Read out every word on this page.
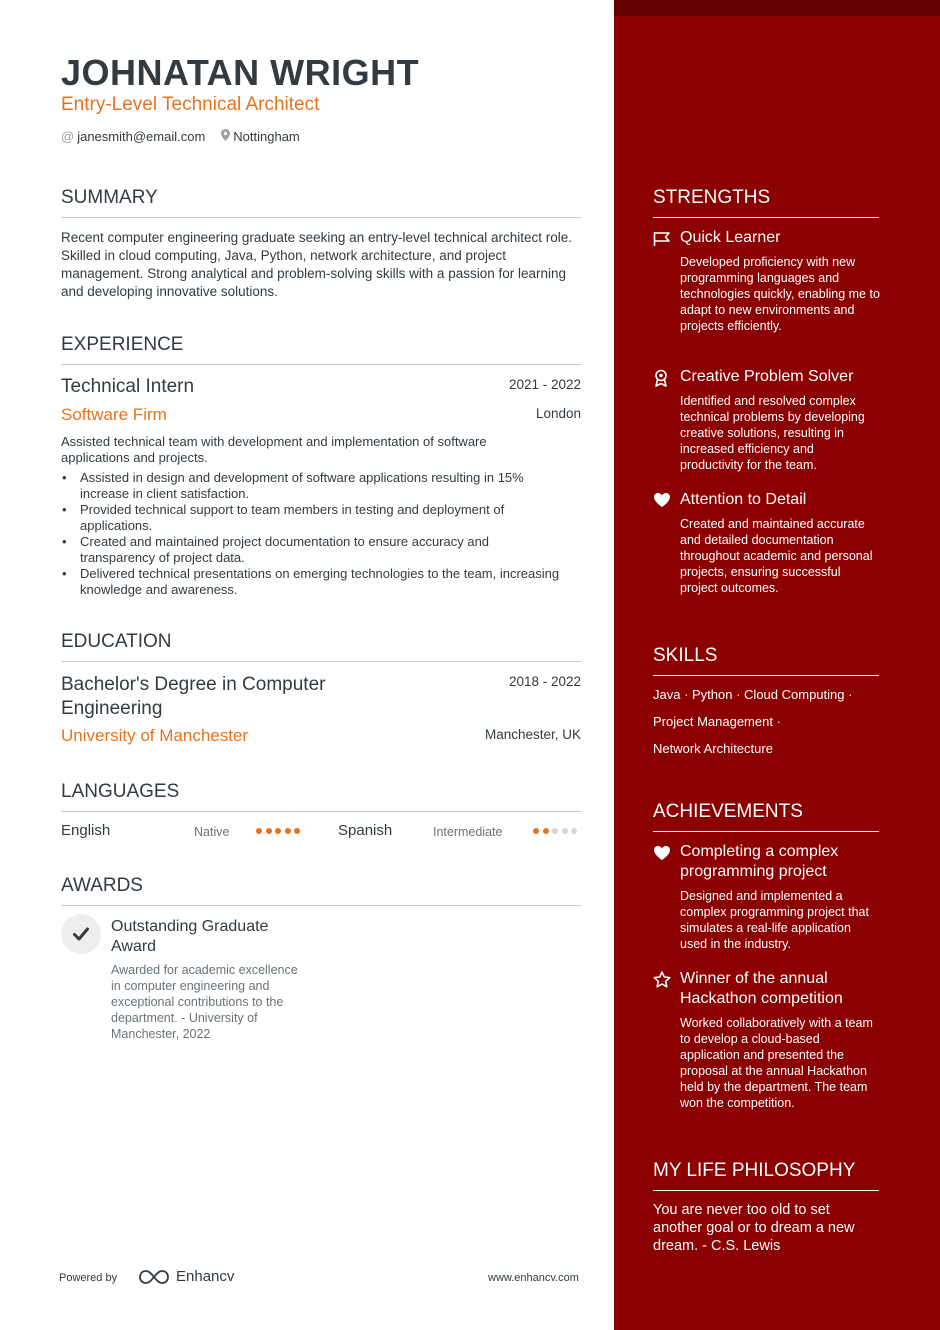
JOHNATAN WRIGHT
Entry-Level Technical Architect
@ janesmith@email.com Nottingham
SUMMARY
Recent computer engineering graduate seeking an entry-level technical architect role. Skilled in cloud computing, Java, Python, network architecture, and project management. Strong analytical and problem-solving skills with a passion for learning and developing innovative solutions.
EXPERIENCE
Technical Intern	2021 - 2022
Software Firm	London
Assisted technical team with development and implementation of software applications and projects.
• Assisted in design and development of software applications resulting in 15% increase in client satisfaction.
• Provided technical support to team members in testing and deployment of applications.
• Created and maintained project documentation to ensure accuracy and transparency of project data.
• Delivered technical presentations on emerging technologies to the team, increasing knowledge and awareness.
EDUCATION
Bachelor's Degree in Computer Engineering
2018 - 2022
University of Manchester	Manchester, UK
LANGUAGES
English	Native	Spanish	Intermediate
AWARDS
Outstanding Graduate Award
Awarded for academic excellence in computer engineering and exceptional contributions to the department. - University of Manchester, 2022
Powered by	Enhancv	www.enhancv.com
STRENGTHS
Quick Learner
Developed proficiency with new programming languages and technologies quickly, enabling me to adapt to new environments and projects efficiently.
Creative Problem Solver
Identified and resolved complex technical problems by developing creative solutions, resulting in increased efficiency and productivity for the team.
Attention to Detail
Created and maintained accurate and detailed documentation throughout academic and personal projects, ensuring successful project outcomes.
SKILLS
Java · Python · Cloud Computing ·
Project Management ·
Network Architecture
ACHIEVEMENTS
Completing a complex programming project
Designed and implemented a complex programming project that simulates a real-life application used in the industry.
Winner of the annual Hackathon competition
Worked collaboratively with a team to develop a cloud-based application and presented the proposal at the annual Hackathon held by the department. The team won the competition.
MY LIFE PHILOSOPHY
You are never too old to set another goal or to dream a new dream. - C.S. Lewis
